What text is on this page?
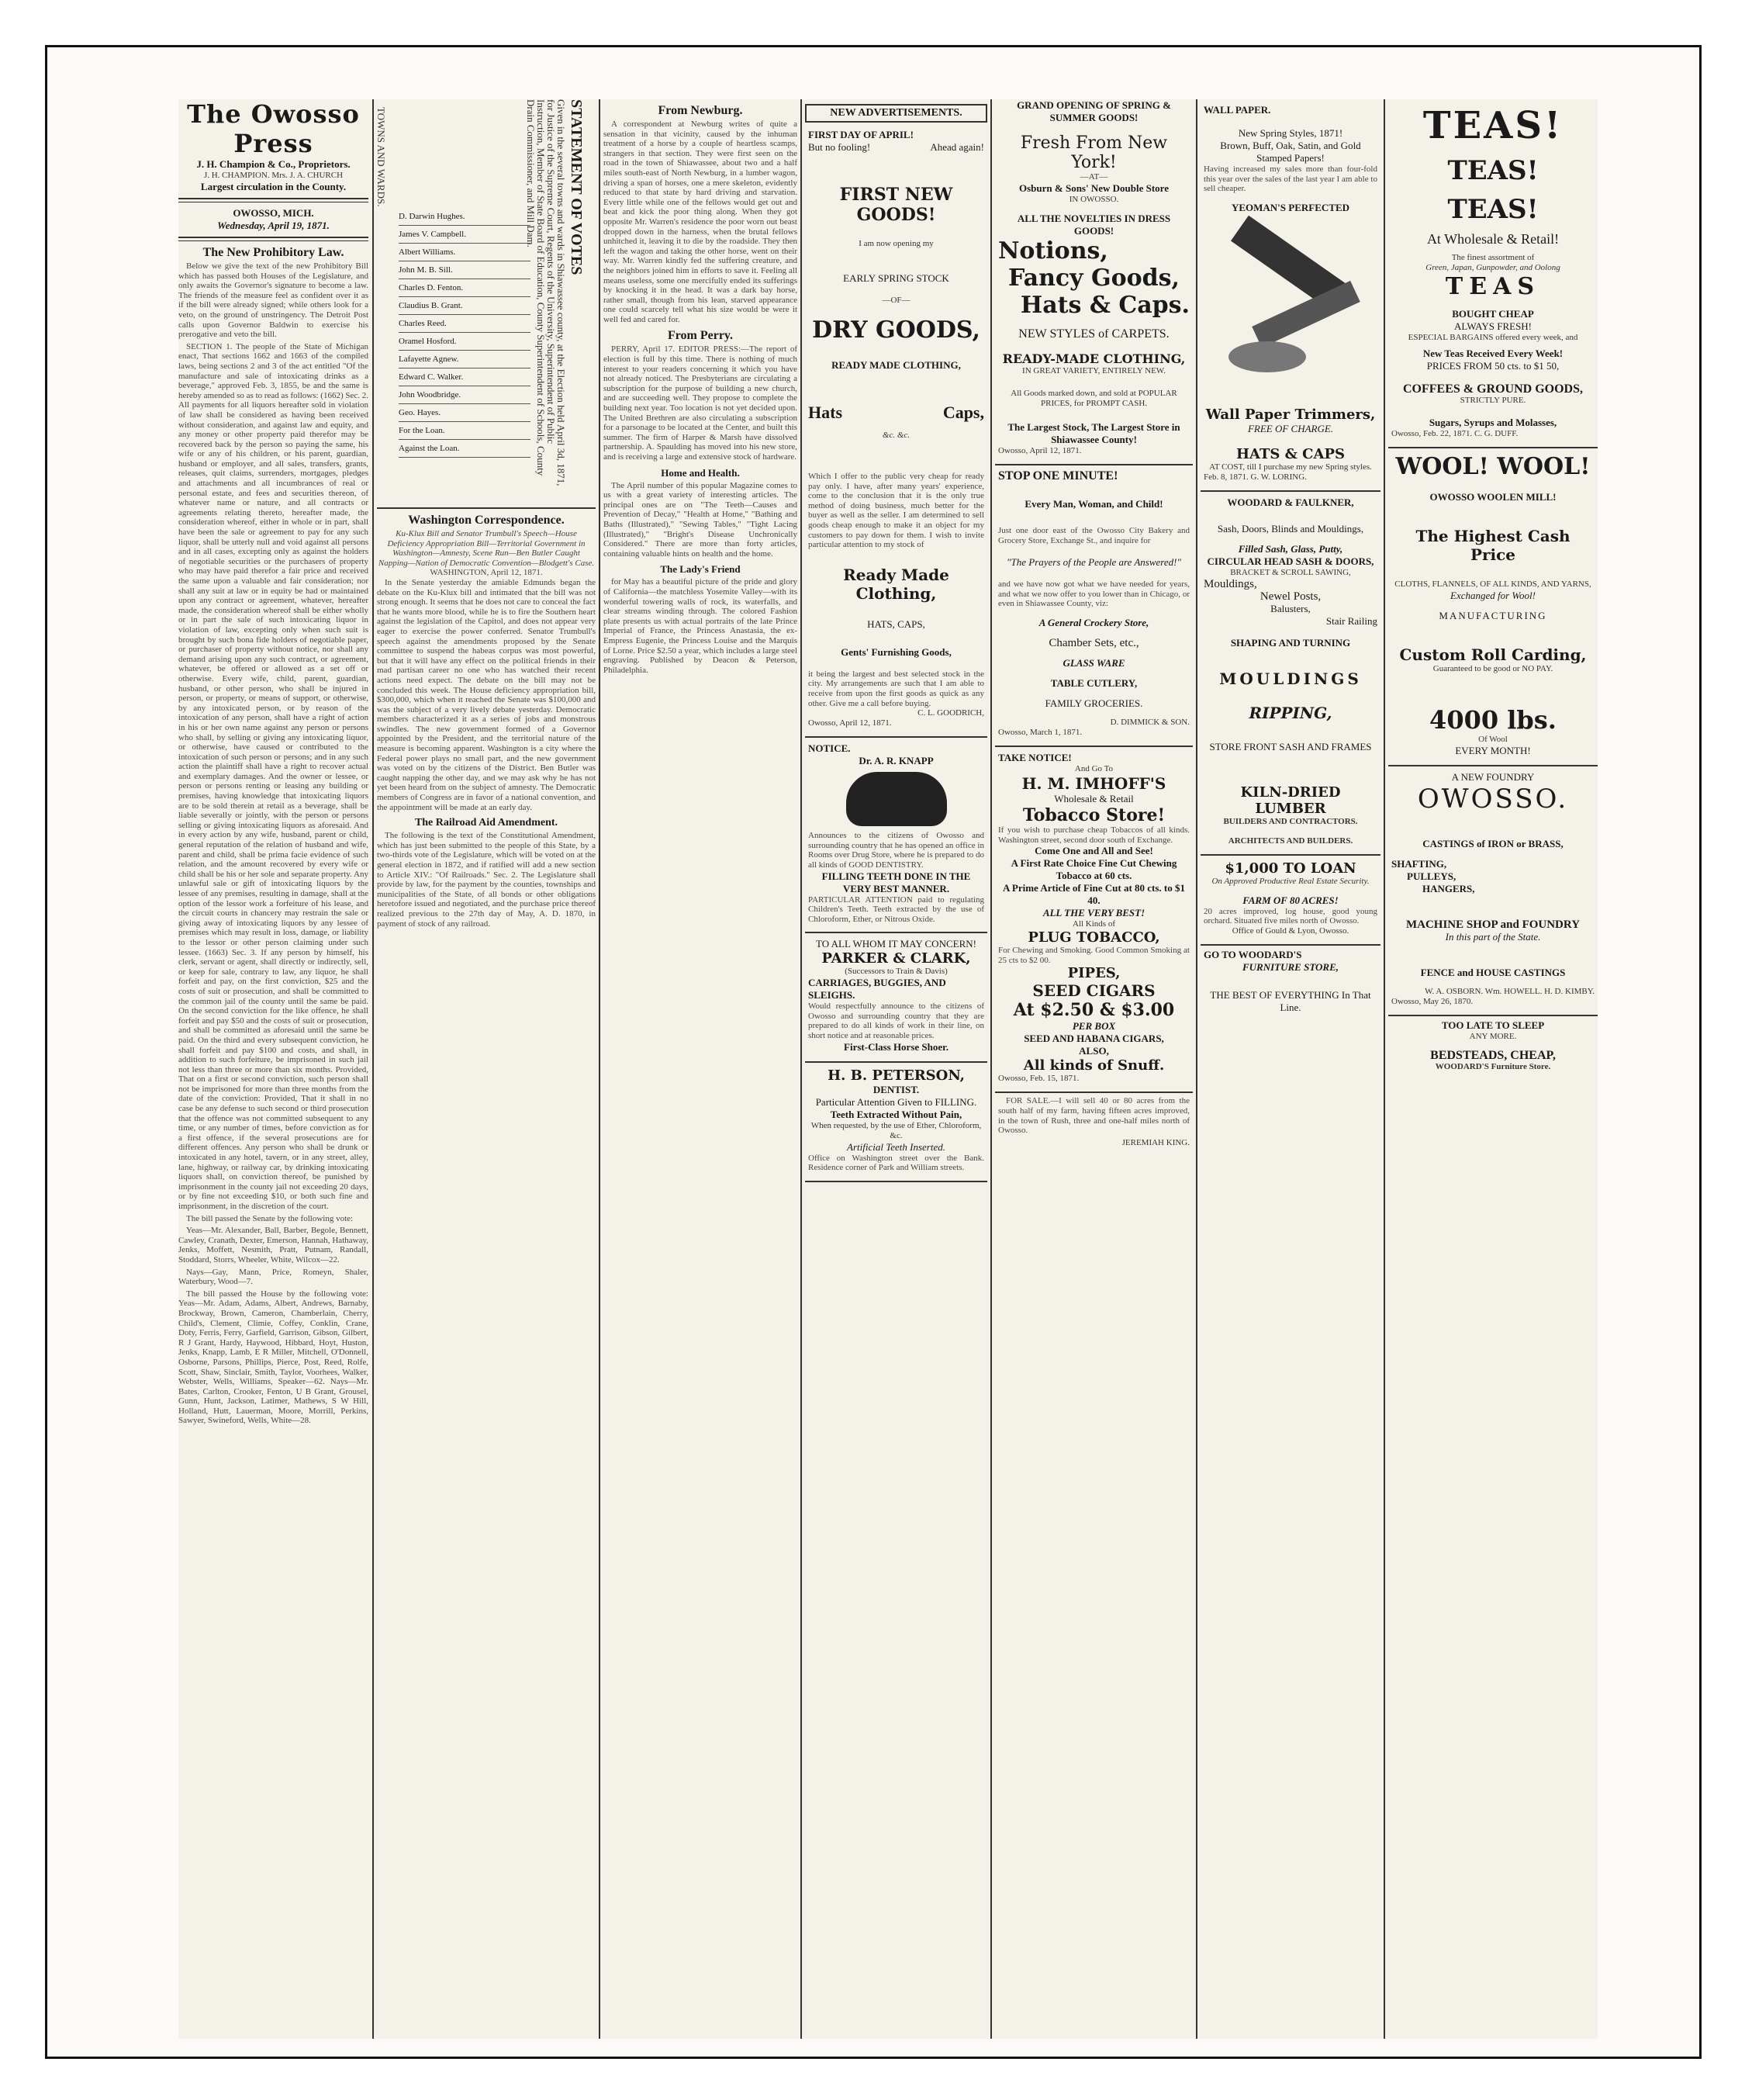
The Owosso Press
J. H. Champion & Co., Proprietors.
J. H. CHAMPION. Mrs. J. A. CHURCH
Largest circulation in the County.
OWOSSO, MICH.
Wednesday, April 19, 1871.
The New Prohibitory Law.

Below we give the text of the new Prohibitory Bill which has passed both Houses of the Legislature, and only awaits the Governor's signature to become a law. The friends of the measure feel as confident over it as if the bill were already signed; while others look for a veto, on the ground of unstringency. The Detroit Post calls upon Governor Baldwin to exercise his prerogative and veto the bill.

SECTION 1. The people of the State of Michigan enact, That sections 1662 and 1663 of the compiled laws, being sections 2 and 3 of the act entitled "Of the manufacture and sale of intoxicating drinks as a beverage," approved Feb. 3, 1855, be and the same is hereby amended so as to read as follows: (1662) Sec. 2. All payments for all liquors hereafter sold in violation of law shall be considered as having been received without consideration, and against law and equity, and any money or other property paid therefor may be recovered back by the person so paying the same, his wife or any of his children, or his parent, guardian, husband or employer, and all sales, transfers, grants, releases, quit claims, surrenders, mortgages, pledges and attachments and all incumbrances of real or personal estate, and fees and securities thereon, of whatever name or nature, and all contracts or agreements relating thereto, hereafter made, the consideration whereof, either in whole or in part, shall have been the sale or agreement to pay for any such liquor, shall be utterly null and void against all persons and in all cases, excepting only as against the holders of negotiable securities or the purchasers of property who may have paid therefor a fair price and received the same upon a valuable and fair consideration; nor shall any suit at law or in equity be had or maintained upon any contract or agreement, whatever, hereafter made, the consideration whereof shall be either wholly or in part the sale of such intoxicating liquor in violation of law, excepting only when such suit is brought by such bona fide holders of negotiable paper, or purchaser of property without notice, nor shall any demand arising upon any such contract, or agreement, whatever, be offered or allowed as a set off or otherwise. Every wife, child, parent, guardian, husband, or other person, who shall be injured in person, or property, or means of support, or otherwise, by any intoxicated person, or by reason of the intoxication of any person, shall have a right of action in his or her own name against any person or persons who shall, by selling or giving any intoxicating liquor, or otherwise, have caused or contributed to the intoxication of such person or persons; and in any such action the plaintiff shall have a right to recover actual and exemplary damages. And the owner or lessee, or person or persons renting or leasing any building or premises, having knowledge that intoxicating liquors are to be sold therein at retail as a beverage, shall be liable severally or jointly, with the person or persons selling or giving intoxicating liquors as aforesaid. And in every action by any wife, husband, parent or child, general reputation of the relation of husband and wife, parent and child, shall be prima facie evidence of such relation, and the amount recovered by every wife or child shall be his or her sole and separate property. Any unlawful sale or gift of intoxicating liquors by the lessee of any premises, resulting in damage, shall at the option of the lessor work a forfeiture of his lease, and the circuit courts in chancery may restrain the sale or giving away of intoxicating liquors by any lessee of premises which may result in loss, damage, or liability to the lessor or other person claiming under such lessee. (1663) Sec. 3. If any person by himself, his clerk, servant or agent, shall directly or indirectly, sell, or keep for sale, contrary to law, any liquor, he shall forfeit and pay, on the first conviction, $25 and the costs of suit or prosecution, and shall be committed to the common jail of the county until the same be paid. On the second conviction for the like offence, he shall forfeit and pay $50 and the costs of suit or prosecution, and shall be committed as aforesaid until the same be paid. On the third and every subsequent conviction, he shall forfeit and pay $100 and costs, and shall, in addition to such forfeiture, be imprisoned in such jail not less than three or more than six months. Provided, That on a first or second conviction, such person shall not be imprisoned for more than three months from the date of the conviction: Provided, That it shall in no case be any defense to such second or third prosecution that the offence was not committed subsequent to any time, or any number of times, before conviction as for a first offence, if the several prosecutions are for different offences. Any person who shall be drunk or intoxicated in any hotel, tavern, or in any street, alley, lane, highway, or railway car, by drinking intoxicating liquors shall, on conviction thereof, be punished by imprisonment in the county jail not exceeding 20 days, or by fine not exceeding $10, or both such fine and imprisonment, in the discretion of the court.

The bill passed the Senate by the following vote:

Yeas—Mr. Alexander, Ball, Barber, Begole, Bennett, Cawley, Cranath, Dexter, Emerson, Hannah, Hathaway, Jenks, Moffett, Nesmith, Pratt, Putnam, Randall, Stoddard, Storrs, Wheeler, White, Wilcox—22.

Nays—Gay, Mann, Price, Romeyn, Shaler, Waterbury, Wood—7.

The bill passed the House by the following vote: Yeas—Mr. Adam, Adams, Albert, Andrews, Barnaby, Brockway, Brown, Cameron, Chamberlain, Cherry, Child's, Clement, Climie, Coffey, Conklin, Crane, Doty, Ferris, Ferry, Garfield, Garrison, Gibson, Gilbert, R J Grant, Hardy, Haywood, Hibbard, Hoyt, Huston, Jenks, Knapp, Lamb, E R Miller, Mitchell, O'Donnell, Osborne, Parsons, Phillips, Pierce, Post, Reed, Rolfe, Scott, Shaw, Sinclair, Smith, Taylor, Voorhees, Walker, Webster, Wells, Williams, Speaker—62. Nays—Mr. Bates, Carlton, Crooker, Fenton, U B Grant, Grousel, Gunn, Hunt, Jackson, Latimer, Mathews, S W Hill, Holland, Hutt, Lauerman, Moore, Morrill, Perkins, Sawyer, Swineford, Wells, White—28.

STATEMENT OF VOTES
Given in the several towns and wards in Shiawassee county, at the Election held April 3d, 1871, for Justice of the Supreme Court, Regents of the University, Superintendent of Public Instruction, Member of State Board of Education, County Superintendent of Schools, County Drain Commissioner, and Mill Dam.
TOWNS AND WARDS.
D. Darwin Hughes.
James V. Campbell.
Albert Williams.
John M. B. Sill.
Charles D. Fenton.
Claudius B. Grant.
Charles Reed.
Oramel Hosford.
Lafayette Agnew.
Edward C. Walker.
John Woodbridge.
Geo. Hayes.
For the Loan.
Against the Loan.
Washington Correspondence.
Ku-Klux Bill and Senator Trumbull's Speech—House Deficiency Appropriation Bill—Territorial Government in Washington—Amnesty, Scene Run—Ben Butler Caught Napping—Nation of Democratic Convention—Blodgett's Case.
WASHINGTON, April 12, 1871.

In the Senate yesterday the amiable Edmunds began the debate on the Ku-Klux bill and intimated that the bill was not strong enough. It seems that he does not care to conceal the fact that he wants more blood, while he is to fire the Southern heart against the legislation of the Capitol, and does not appear very eager to exercise the power conferred. Senator Trumbull's speech against the amendments proposed by the Senate committee to suspend the habeas corpus was most powerful, but that it will have any effect on the political friends in their mad partisan career no one who has watched their recent actions need expect. The debate on the bill may not be concluded this week. The House deficiency appropriation bill, $300,000, which when it reached the Senate was $100,000 and was the subject of a very lively debate yesterday. Democratic members characterized it as a series of jobs and monstrous swindles. The new government formed of a Governor appointed by the President, and the territorial nature of the measure is becoming apparent. Washington is a city where the Federal power plays no small part, and the new government was voted on by the citizens of the District. Ben Butler was caught napping the other day, and we may ask why he has not yet been heard from on the subject of amnesty. The Democratic members of Congress are in favor of a national convention, and the appointment will be made at an early day.

The Railroad Aid Amendment.

The following is the text of the Constitutional Amendment, which has just been submitted to the people of this State, by a two-thirds vote of the Legislature, which will be voted on at the general election in 1872, and if ratified will add a new section to Article XIV.: "Of Railroads." Sec. 2. The Legislature shall provide by law, for the payment by the counties, townships and municipalities of the State, of all bonds or other obligations heretofore issued and negotiated, and the purchase price thereof realized previous to the 27th day of May, A. D. 1870, in payment of stock of any railroad.

From Newburg.

A correspondent at Newburg writes of quite a sensation in that vicinity, caused by the inhuman treatment of a horse by a couple of heartless scamps, strangers in that section. They were first seen on the road in the town of Shiawassee, about two and a half miles south-east of North Newburg, in a lumber wagon, driving a span of horses, one a mere skeleton, evidently reduced to that state by hard driving and starvation. Every little while one of the fellows would get out and beat and kick the poor thing along. When they got opposite Mr. Warren's residence the poor worn out beast dropped down in the harness, when the brutal fellows unhitched it, leaving it to die by the roadside. They then left the wagon and taking the other horse, went on their way. Mr. Warren kindly fed the suffering creature, and the neighbors joined him in efforts to save it. Feeling all means useless, some one mercifully ended its sufferings by knocking it in the head. It was a dark bay horse, rather small, though from his lean, starved appearance one could scarcely tell what his size would be were it well fed and cared for.

From Perry.

PERRY, April 17. EDITOR PRESS:—The report of election is full by this time. There is nothing of much interest to your readers concerning it which you have not already noticed. The Presbyterians are circulating a subscription for the purpose of building a new church, and are succeeding well. They propose to complete the building next year. Too location is not yet decided upon. The United Brethren are also circulating a subscription for a parsonage to be located at the Center, and built this summer. The firm of Harper & Marsh have dissolved partnership. A. Spaulding has moved into his new store, and is receiving a large and extensive stock of hardware.

Home and Health.

The April number of this popular Magazine comes to us with a great variety of interesting articles. The principal ones are on "The Teeth—Causes and Prevention of Decay," "Health at Home," "Bathing and Baths (Illustrated)," "Sewing Tables," "Tight Lacing (Illustrated)," "Bright's Disease Unchronically Considered." There are more than forty articles, containing valuable hints on health and the home.

The Lady's Friend

for May has a beautiful picture of the pride and glory of California—the matchless Yosemite Valley—with its wonderful towering walls of rock, its waterfalls, and clear streams winding through. The colored Fashion plate presents us with actual portraits of the late Prince Imperial of France, the Princess Anastasia, the ex-Empress Eugenie, the Princess Louise and the Marquis of Lorne. Price $2.50 a year, which includes a large steel engraving. Published by Deacon & Peterson, Philadelphia.

NEW ADVERTISEMENTS.
FIRST DAY OF APRIL!
But no fooling!	Ahead again!
FIRST NEW GOODS!
I am now opening my
EARLY SPRING STOCK
—OF—
DRY GOODS,
READY MADE CLOTHING,
Hats	Caps,
&c. &c.
Which I offer to the public very cheap for ready pay only. I have, after many years' experience, come to the conclusion that it is the only true method of doing business, much better for the buyer as well as the seller. I am determined to sell goods cheap enough to make it an object for my customers to pay down for them. I wish to invite particular attention to my stock of
Ready Made Clothing,
HATS, CAPS,
Gents' Furnishing Goods,
it being the largest and best selected stock in the city. My arrangements are such that I am able to receive from upon the first goods as quick as any other. Give me a call before buying.
C. L. GOODRICH,
Owosso, April 12, 1871.
NOTICE.
Dr. A. R. KNAPP
Announces to the citizens of Owosso and surrounding country that he has opened an office in Rooms over Drug Store, where he is prepared to do all kinds of GOOD DENTISTRY.
FILLING TEETH DONE IN THE VERY BEST MANNER.
PARTICULAR ATTENTION paid to regulating Children's Teeth. Teeth extracted by the use of Chloroform, Ether, or Nitrous Oxide.
TO ALL WHOM IT MAY CONCERN!
PARKER & CLARK,
(Successors to Train & Davis)
CARRIAGES, BUGGIES, AND SLEIGHS.
Would respectfully announce to the citizens of Owosso and surrounding country that they are prepared to do all kinds of work in their line, on short notice and at reasonable prices.
First-Class Horse Shoer.
H. B. PETERSON,
DENTIST.
Particular Attention Given to FILLING.
Teeth Extracted Without Pain,
When requested, by the use of Ether, Chloroform, &c.
Artificial Teeth Inserted.
Office on Washington street over the Bank. Residence corner of Park and William streets.
GRAND OPENING OF SPRING & SUMMER GOODS!
Fresh From New York!
—AT—
Osburn & Sons' New Double Store
IN OWOSSO.
ALL THE NOVELTIES IN DRESS GOODS!
Notions,
Fancy Goods,
Hats & Caps.
NEW STYLES of CARPETS.
READY-MADE CLOTHING,
IN GREAT VARIETY, ENTIRELY NEW.
All Goods marked down, and sold at POPULAR PRICES, for PROMPT CASH.
The Largest Stock, The Largest Store in Shiawassee County!
Owosso, April 12, 1871.
STOP ONE MINUTE!
Every Man, Woman, and Child!
Just one door east of the Owosso City Bakery and Grocery Store, Exchange St., and inquire for
"The Prayers of the People are Answered!"
and we have now got what we have needed for years, and what we now offer to you lower than in Chicago, or even in Shiawassee County, viz:
A General Crockery Store,
Chamber Sets, etc.,
GLASS WARE
TABLE CUTLERY,
FAMILY GROCERIES.
D. DIMMICK & SON.
Owosso, March 1, 1871.
TAKE NOTICE!
And Go To
H. M. IMHOFF'S
Wholesale & Retail
Tobacco Store!
If you wish to purchase cheap Tobaccos of all kinds. Washington street, second door south of Exchange.
Come One and All and See!
A First Rate Choice Fine Cut Chewing Tobacco at 60 cts.
A Prime Article of Fine Cut at 80 cts. to $1 40.
ALL THE VERY BEST!
All Kinds of
PLUG TOBACCO,
For Chewing and Smoking. Good Common Smoking at 25 cts to $2 00.
PIPES,
SEED CIGARS
At $2.50 & $3.00
PER BOX
SEED AND HABANA CIGARS,
ALSO,
All kinds of Snuff.
Owosso, Feb. 15, 1871.

FOR SALE.—I will sell 40 or 80 acres from the south half of my farm, having fifteen acres improved, in the town of Rush, three and one-half miles north of Owosso.

JEREMIAH KING.
WALL PAPER.
New Spring Styles, 1871!
Brown, Buff, Oak, Satin, and Gold Stamped Papers!
Having increased my sales more than four-fold this year over the sales of the last year I am able to sell cheaper.
YEOMAN'S PERFECTED
Wall Paper Trimmers,
FREE OF CHARGE.
HATS & CAPS
AT COST, till I purchase my new Spring styles.
Feb. 8, 1871. G. W. LORING.
WOODARD & FAULKNER,
Sash, Doors, Blinds and Mouldings,
Filled Sash, Glass, Putty,
CIRCULAR HEAD SASH & DOORS,
BRACKET & SCROLL SAWING,
Mouldings,
Newel Posts,
Balusters,
Stair Railing
SHAPING AND TURNING
MOULDINGS
RIPPING,
STORE FRONT SASH AND FRAMES
KILN-DRIED LUMBER
BUILDERS AND CONTRACTORS.
ARCHITECTS AND BUILDERS.
$1,000 TO LOAN
On Approved Productive Real Estate Security.
FARM OF 80 ACRES!
20 acres improved, log house, good young orchard. Situated five miles north of Owosso.
Office of Gould & Lyon, Owosso.
GO TO WOODARD'S
FURNITURE STORE,
THE BEST OF EVERYTHING In That Line.
TEAS!
TEAS!
TEAS!
At Wholesale & Retail!
The finest assortment of
Green, Japan, Gunpowder, and Oolong
TEAS
BOUGHT CHEAP
ALWAYS FRESH!
ESPECIAL BARGAINS offered every week, and
New Teas Received Every Week!
PRICES FROM 50 cts. to $1 50,
COFFEES & GROUND GOODS,
STRICTLY PURE.
Sugars, Syrups and Molasses,
Owosso, Feb. 22, 1871. C. G. DUFF.
WOOL! WOOL!
OWOSSO WOOLEN MILL!
The Highest Cash Price
CLOTHS, FLANNELS, OF ALL KINDS, AND YARNS,
Exchanged for Wool!
MANUFACTURING
Custom Roll Carding,
Guaranteed to be good or NO PAY.
4000 lbs.
Of Wool
EVERY MONTH!
A NEW FOUNDRY
OWOSSO.
CASTINGS of IRON or BRASS,
SHAFTING,
PULLEYS,
HANGERS,
MACHINE SHOP and FOUNDRY
In this part of the State.
FENCE and HOUSE CASTINGS
W. A. OSBORN. Wm. HOWELL. H. D. KIMBY.
Owosso, May 26, 1870.
TOO LATE TO SLEEP
ANY MORE.
BEDSTEADS, CHEAP,
WOODARD'S Furniture Store.
